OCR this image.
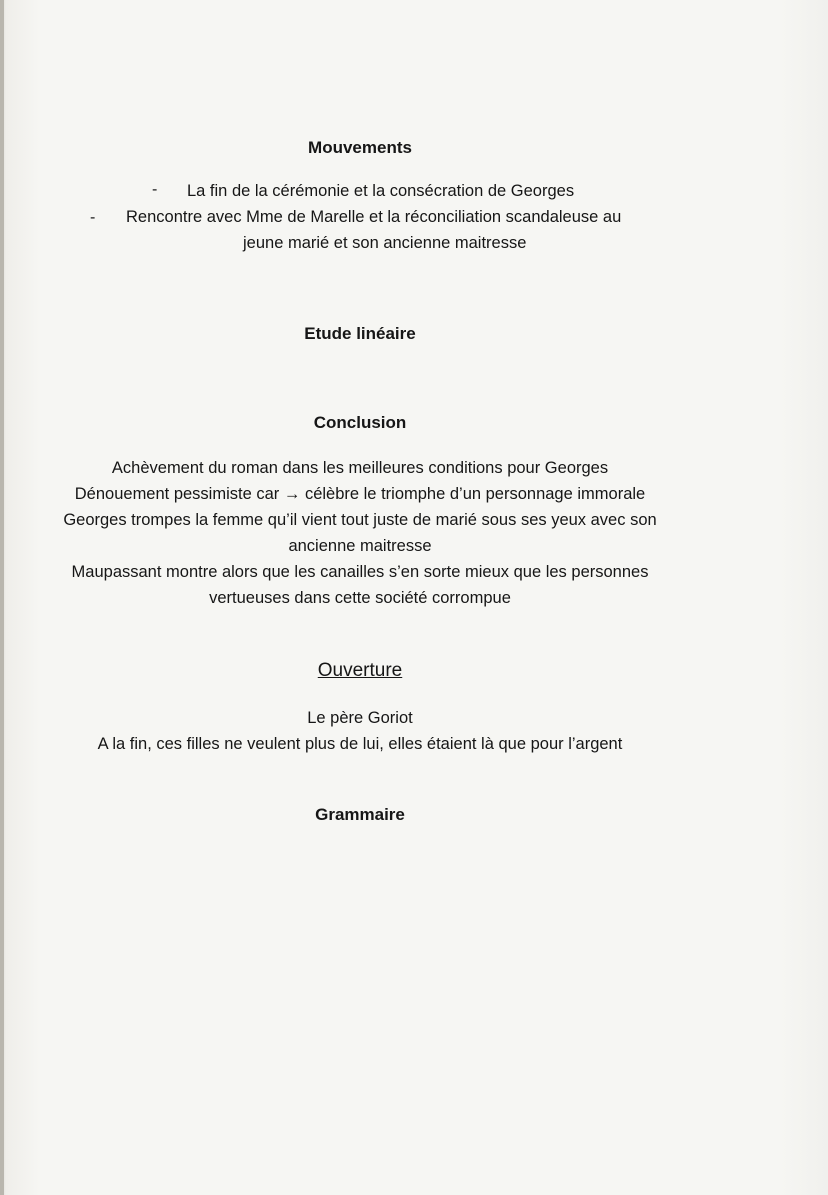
Mouvements
- La fin de la cérémonie et la consécration de Georges
- Rencontre avec Mme de Marelle et la réconciliation scandaleuse au
jeune marié et son ancienne maitresse
Etude linéaire
Conclusion
Achèvement du roman dans les meilleures conditions pour Georges
Dénouement pessimiste car → célèbre le triomphe d’un personnage immorale
Georges trompes la femme qu’il vient tout juste de marié sous ses yeux avec son
ancienne maitresse
Maupassant montre alors que les canailles s’en sorte mieux que les personnes
vertueuses dans cette société corrompue
Ouverture
Le père Goriot
A la fin, ces filles ne veulent plus de lui, elles étaient là que pour l’argent
Grammaire
